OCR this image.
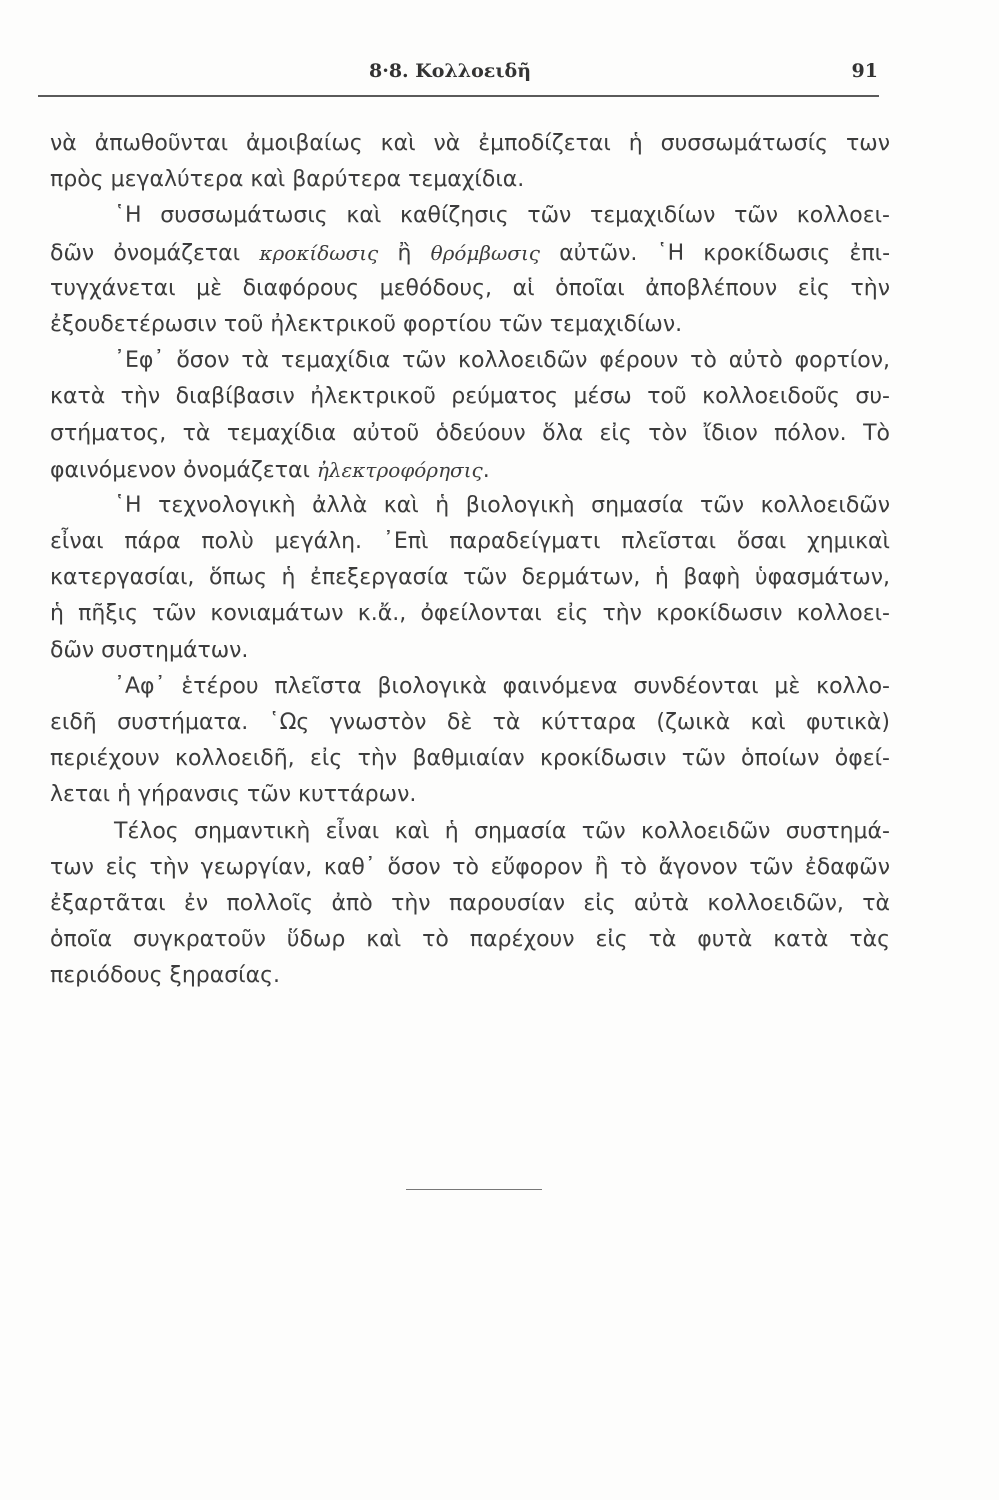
8·8. Κολλοειδῆ	91
νὰ ἀπωθοῦνται ἀμοιβαίως καὶ νὰ ἐμποδίζεται ἡ συσσωμάτωσίς των
πρὸς μεγαλύτερα καὶ βαρύτερα τεμαχίδια.
῾Η συσσωμάτωσις καὶ καθίζησις τῶν τεμαχιδίων τῶν κολλοει-
δῶν ὀνομάζεται κροκίδωσις ἢ θρόμβωσις αὐτῶν. ῾Η κροκίδωσις ἐπι-
τυγχάνεται μὲ διαφόρους μεθόδους, αἱ ὁποῖαι ἀποβλέπουν εἰς τὴν
ἐξουδετέρωσιν τοῦ ἠλεκτρικοῦ φορτίου τῶν τεμαχιδίων.
᾿Εφ᾿ ὅσον τὰ τεμαχίδια τῶν κολλοειδῶν φέρουν τὸ αὐτὸ φορτίον,
κατὰ τὴν διαβίβασιν ἠλεκτρικοῦ ρεύματος μέσω τοῦ κολλοειδοῦς συ-
στήματος, τὰ τεμαχίδια αὐτοῦ ὁδεύουν ὅλα εἰς τὸν ἴδιον πόλον. Τὸ
φαινόμενον ὀνομάζεται ἠλεκτροφόρησις.
῾Η τεχνολογικὴ ἀλλὰ καὶ ἡ βιολογικὴ σημασία τῶν κολλοειδῶν
εἶναι πάρα πολὺ μεγάλη. ᾿Επὶ παραδείγματι πλεῖσται ὅσαι χημικαὶ
κατεργασίαι, ὅπως ἡ ἐπεξεργασία τῶν δερμάτων, ἡ βαφὴ ὑφασμάτων,
ἡ πῆξις τῶν κονιαμάτων κ.ἄ., ὀφείλονται εἰς τὴν κροκίδωσιν κολλοει-
δῶν συστημάτων.
᾿Αφ᾿ ἑτέρου πλεῖστα βιολογικὰ φαινόμενα συνδέονται μὲ κολλο-
ειδῆ συστήματα. ῾Ως γνωστὸν δὲ τὰ κύτταρα (ζωικὰ καὶ φυτικὰ)
περιέχουν κολλοειδῆ, εἰς τὴν βαθμιαίαν κροκίδωσιν τῶν ὁποίων ὀφεί-
λεται ἡ γήρανσις τῶν κυττάρων.
Τέλος σημαντικὴ εἶναι καὶ ἡ σημασία τῶν κολλοειδῶν συστημά-
των εἰς τὴν γεωργίαν, καθ᾿ ὅσον τὸ εὔφορον ἢ τὸ ἄγονον τῶν ἐδαφῶν
ἐξαρτᾶται ἐν πολλοῖς ἀπὸ τὴν παρουσίαν εἰς αὐτὰ κολλοειδῶν, τὰ
ὁποῖα συγκρατοῦν ὕδωρ καὶ τὸ παρέχουν εἰς τὰ φυτὰ κατὰ τὰς
περιόδους ξηρασίας.
